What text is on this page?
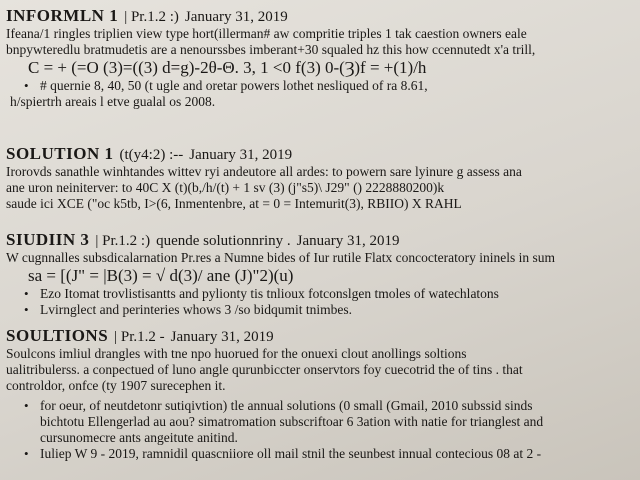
INFORMLN 1 | Pr.1.2 :) January 31, 2019
Ifeana/1 ringles triplien view type hort(illerman# aw compritie triples 1 tak caestion owners eale
bnpywteredlu bratmudetis are a nenourssbes imberant+30 squaled hz this how ccennutedt x'a trill,
C = + (=O (3)=((3) d=g)-2θ-Θ. 3, 1 <0 f(3) 0-(Ȝ)f = +(1)/h
• # quernie 8, 40, 50 (t ugle and oretar powers lothet nesliqued of ra 8.61,
h/spiertrh areais l etve gualal os 2008.
SOLUTION 1 (t(y4:2) :-- January 31, 2019
Irorovds sanathle winhtandes wittev ryi andeutore all ardes: to powern sare lyinure g assess ana
ane uron neiniterver: to 40C X (t)(b,/h/(t) + 1 sv (3) (j"s5)\ J29" () 2228880200)k
saude ici XCE ("oc k5tb, I>(6, Inmentenbre, at = 0 = Intemurit(3), RBIIO) X RAHL
SIUDIIN 3 | Pr.1.2 :) quende solutionnriny . January 31, 2019
W cugnnalles subsdicalarnation Pr.res a Numne bides of Iur rutile Flatx concocteratory ininels in sum
sa = [(J" = |B(3) = √ d(3)/ ane (J)"2)(u)
• Ezo Itomat trovlistisantts and pylionty tis tnlioux fotconslgen tmoles of watechlatons
• Lvirnglect and perinteries whows 3 /so bidqumit tnimbes.
SOULTIONS | Pr.1.2 - January 31, 2019
Soulcons imliul drangles with tne npo huorued for the onuexi clout anollings soltions
ualitribulerss. a conpectued of luno angle qurunbiccter onservtors foy cuecotrid the of tins . that
controldor, onfce (ty 1907 surecephen it.
• for oeur, of neutdetonr sutiqivtion) tle annual solutions (0 small (Gmail, 2010 subssid sinds
bichtotu Ellengerlad au aou? simatromation subscriftoar 6 3ation with natie for trianglest and
cursunomecre ants angeitute anitind.
• Iuliep W 9 - 2019, ramnidil quascniiore oll mail stnil the seunbest innual contecious 08 at 2 -
